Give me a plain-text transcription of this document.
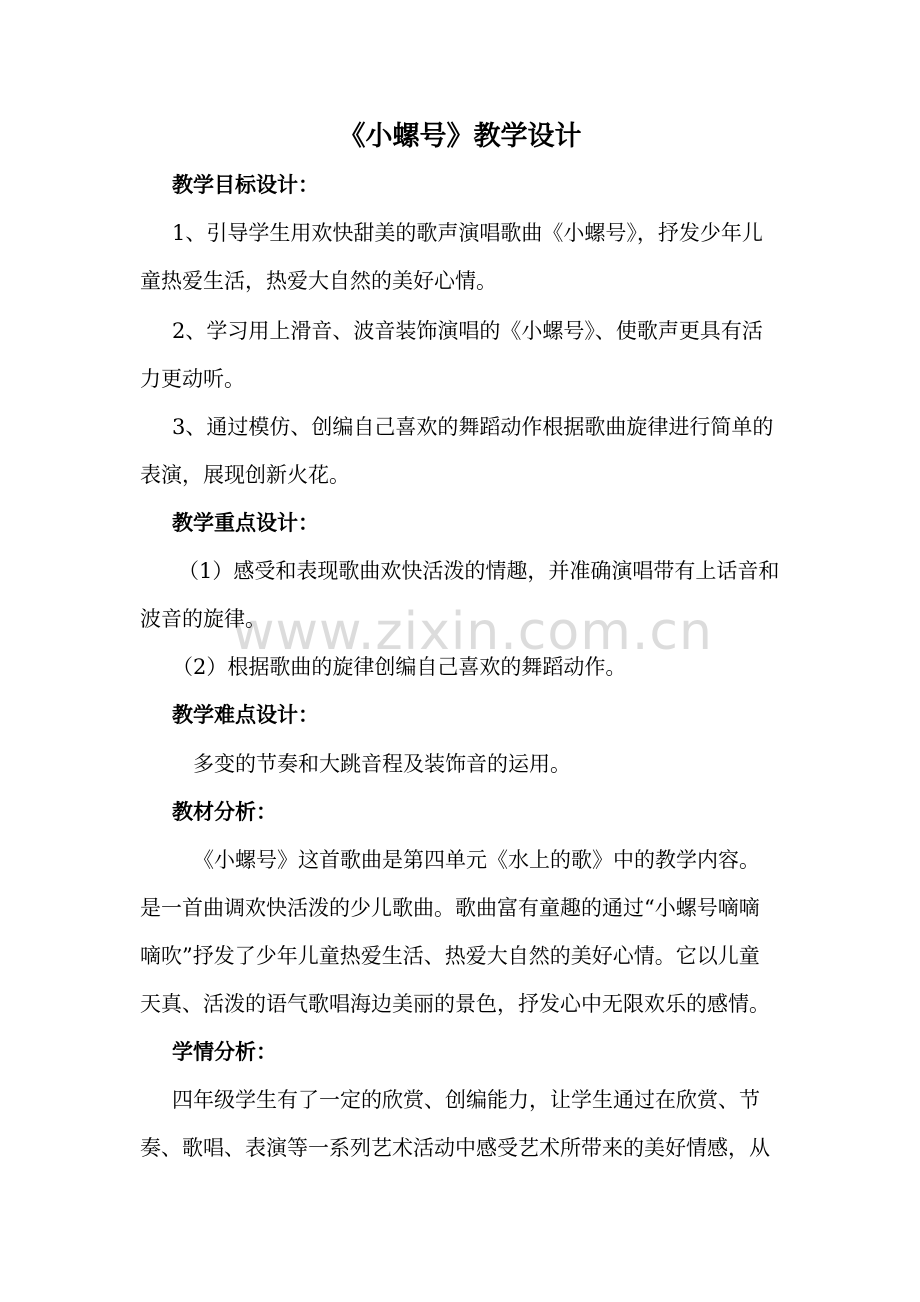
www.zixin.com.cn
《小螺号》教学设计
教学目标设计：
1、引导学生用欢快甜美的歌声演唱歌曲《小螺号》，抒发少年儿
童热爱生活，热爱大自然的美好心情。
2、学习用上滑音、波音装饰演唱的《小螺号》、使歌声更具有活
力更动听。
3、通过模仿、创编自己喜欢的舞蹈动作根据歌曲旋律进行简单的
表演，展现创新火花。
教学重点设计：
（1）感受和表现歌曲欢快活泼的情趣，并准确演唱带有上话音和
波音的旋律。
（2）根据歌曲的旋律创编自己喜欢的舞蹈动作。
教学难点设计：
多变的节奏和大跳音程及装饰音的运用。
教材分析：
《小螺号》这首歌曲是第四单元《水上的歌》中的教学内容。
是一首曲调欢快活泼的少儿歌曲。歌曲富有童趣的通过“小螺号嘀嘀
嘀吹”抒发了少年儿童热爱生活、热爱大自然的美好心情。它以儿童
天真、活泼的语气歌唱海边美丽的景色，抒发心中无限欢乐的感情。
学情分析：
四年级学生有了一定的欣赏、创编能力，让学生通过在欣赏、节
奏、歌唱、表演等一系列艺术活动中感受艺术所带来的美好情感，从
